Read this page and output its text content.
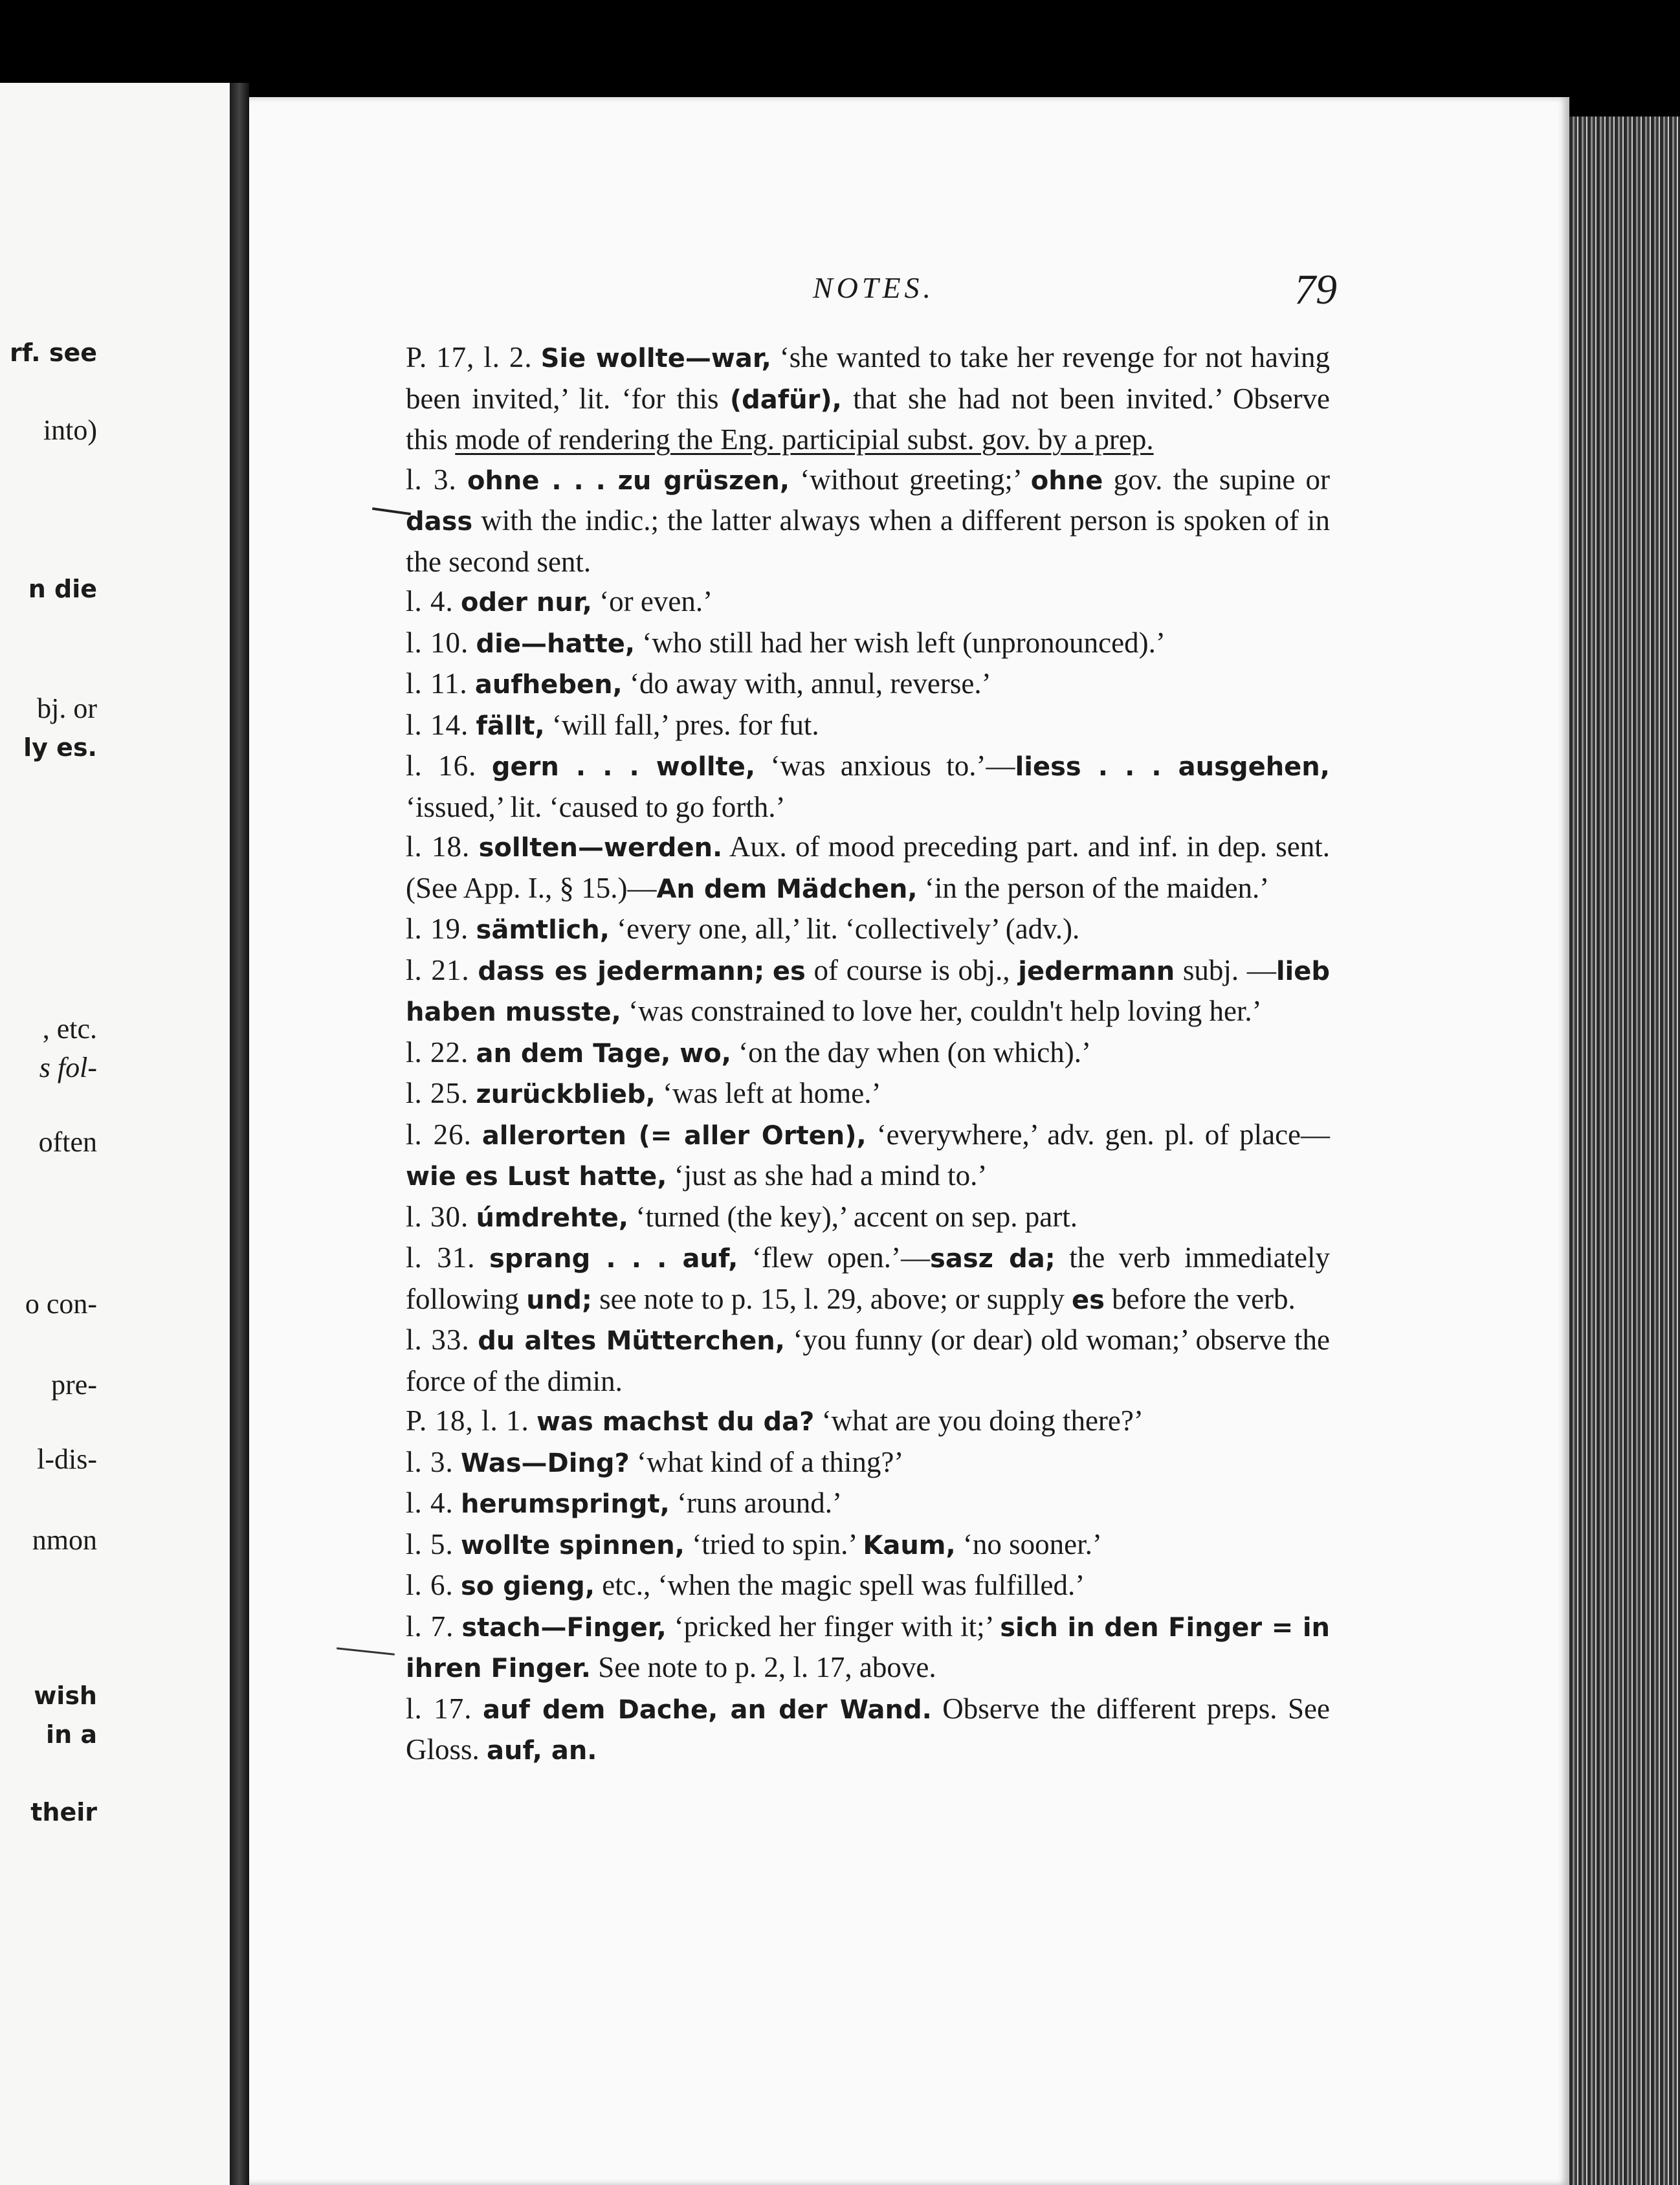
rf. see
into)
n die
bj. or
ly es.
, etc.
s fol-
often
o con-
pre-
l-dis-
nmon
wish
in a
their
NOTES.	79

P. 17, l. 2. Sie wollte—war, ‘she wanted to take her revenge for not having been invited,’ lit. ‘for this (dafür), that she had not been invited.’ Observe this mode of rendering the Eng. participial subst. gov. by a prep.

l. 3. ohne . . . zu grüszen, ‘without greeting;’ ohne gov. the supine or dass with the indic.; the latter always when a different person is spoken of in the second sent.

l. 4. oder nur, ‘or even.’

l. 10. die—hatte, ‘who still had her wish left (unpronounced).’

l. 11. aufheben, ‘do away with, annul, reverse.’

l. 14. fällt, ‘will fall,’ pres. for fut.

l. 16. gern . . . wollte, ‘was anxious to.’—liess . . . ausgehen, ‘issued,’ lit. ‘caused to go forth.’

l. 18. sollten—werden. Aux. of mood preceding part. and inf. in dep. sent. (See App. I., § 15.)—An dem Mädchen, ‘in the person of the maiden.’

l. 19. sämtlich, ‘every one, all,’ lit. ‘collectively’ (adv.).

l. 21. dass es jedermann; es of course is obj., jedermann subj. —lieb haben musste, ‘was constrained to love her, couldn't help loving her.’

l. 22. an dem Tage, wo, ‘on the day when (on which).’

l. 25. zurückblieb, ‘was left at home.’

l. 26. allerorten (= aller Orten), ‘everywhere,’ adv. gen. pl. of place—wie es Lust hatte, ‘just as she had a mind to.’

l. 30. úmdrehte, ‘turned (the key),’ accent on sep. part.

l. 31. sprang . . . auf, ‘flew open.’—sasz da; the verb immediately following und; see note to p. 15, l. 29, above; or supply es before the verb.

l. 33. du altes Mütterchen, ‘you funny (or dear) old woman;’ observe the force of the dimin.

P. 18, l. 1. was machst du da? ‘what are you doing there?’

l. 3. Was—Ding? ‘what kind of a thing?’

l. 4. herumspringt, ‘runs around.’

l. 5. wollte spinnen, ‘tried to spin.’ Kaum, ‘no sooner.’

l. 6. so gieng, etc., ‘when the magic spell was fulfilled.’

l. 7. stach—Finger, ‘pricked her finger with it;’ sich in den Finger = in ihren Finger. See note to p. 2, l. 17, above.

l. 17. auf dem Dache, an der Wand. Observe the different preps. See Gloss. auf, an.
